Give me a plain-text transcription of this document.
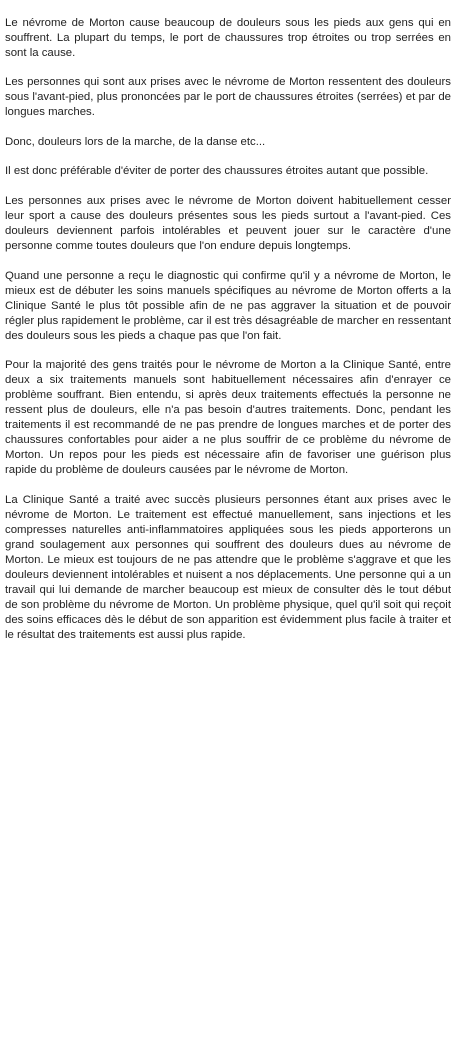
Le névrome de Morton cause beaucoup de douleurs sous les pieds aux gens qui en souffrent. La plupart du temps, le port de chaussures trop étroites ou trop serrées en sont la cause.

Les personnes qui sont aux prises avec le névrome de Morton ressentent des douleurs sous l'avant-pied, plus prononcées par le port de chaussures étroites (serrées) et par de longues marches.

Donc, douleurs lors de la marche, de la danse etc...

Il est donc préférable d'éviter de porter des chaussures étroites autant que possible.

Les personnes aux prises avec le névrome de Morton doivent habituellement cesser leur sport a cause des douleurs présentes sous les pieds surtout a l'avant-pied. Ces douleurs deviennent parfois intolérables et peuvent jouer sur le caractère d'une personne comme toutes douleurs que l'on endure depuis longtemps.

Quand une personne a reçu le diagnostic qui confirme qu'il y a névrome de Morton, le mieux est de débuter les soins manuels spécifiques au névrome de Morton offerts a la Clinique Santé le plus tôt possible afin de ne pas aggraver la situation et de pouvoir régler plus rapidement le problème, car il est très désagréable de marcher en ressentant des douleurs sous les pieds a chaque pas que l'on fait.

Pour la majorité des gens traités pour le névrome de Morton a la Clinique Santé, entre deux a six traitements manuels sont habituellement nécessaires afin d'enrayer ce problème souffrant. Bien entendu, si après deux traitements effectués la personne ne ressent plus de douleurs, elle n'a pas besoin d'autres traitements. Donc, pendant les traitements il est recommandé de ne pas prendre de longues marches et de porter des chaussures confortables pour aider a ne plus souffrir de ce problème du névrome de Morton. Un repos pour les pieds est nécessaire afin de favoriser une guérison plus rapide du problème de douleurs causées par le névrome de Morton.

La Clinique Santé a traité avec succès plusieurs personnes étant aux prises avec le névrome de Morton. Le traitement est effectué manuellement, sans injections et les compresses naturelles anti-inflammatoires appliquées sous les pieds apporterons un grand soulagement aux personnes qui souffrent des douleurs dues au névrome de Morton. Le mieux est toujours de ne pas attendre que le problème s'aggrave et que les douleurs deviennent intolérables et nuisent a nos déplacements. Une personne qui a un travail qui lui demande de marcher beaucoup est mieux de consulter dès le tout début de son problème du névrome de Morton. Un problème physique, quel qu'il soit qui reçoit des soins efficaces dès le début de son apparition est évidemment plus facile à traiter et le résultat des traitements est aussi plus rapide.
